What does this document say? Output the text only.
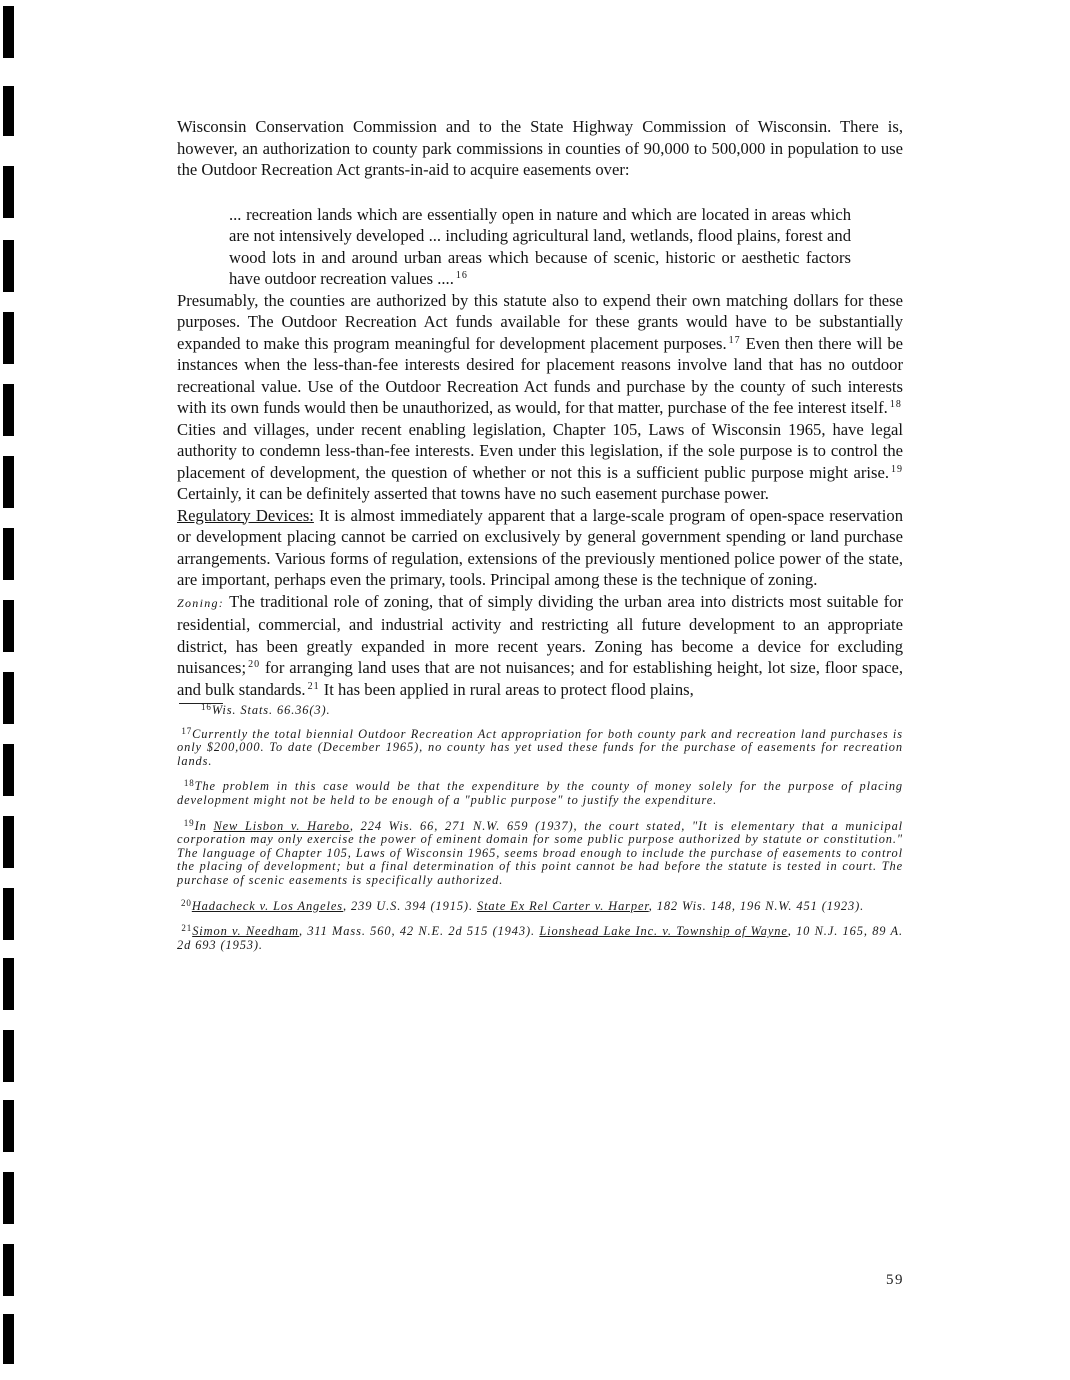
Wisconsin Conservation Commission and to the State Highway Commission of Wisconsin. There is, however, an authorization to county park commissions in counties of 90,000 to 500,000 in population to use the Outdoor Recreation Act grants-in-aid to acquire easements over:

... recreation lands which are essentially open in nature and which are located in areas which are not intensively developed ... including agricultural land, wetlands, flood plains, forest and wood lots in and around urban areas which because of scenic, historic or aesthetic factors have outdoor recreation values .... $^{16}$

Presumably, the counties are authorized by this statute also to expend their own matching dollars for these purposes. The Outdoor Recreation Act funds available for these grants would have to be substantially expanded to make this program meaningful for development placement purposes. $^{17}$ Even then there will be instances when the less-than-fee interests desired for placement reasons involve land that has no outdoor recreational value. Use of the Outdoor Recreation Act funds and purchase by the county of such interests with its own funds would then be unauthorized, as would, for that matter, purchase of the fee interest itself. $^{18}$

Cities and villages, under recent enabling legislation, Chapter 105, Laws of Wisconsin 1965, have legal authority to condemn less-than-fee interests. Even under this legislation, if the sole purpose is to control the placement of development, the question of whether or not this is a sufficient public purpose might arise. $^{19}$ Certainly, it can be definitely asserted that towns have no such easement purchase power.

Regulatory Devices: It is almost immediately apparent that a large-scale program of open-space reservation or development placing cannot be carried on exclusively by general government spending or land purchase arrangements. Various forms of regulation, extensions of the previously mentioned police power of the state, are important, perhaps even the primary, tools. Principal among these is the technique of zoning.

Zoning: The traditional role of zoning, that of simply dividing the urban area into districts most suitable for residential, commercial, and industrial activity and restricting all future development to an appropriate district, has been greatly expanded in more recent years. Zoning has become a device for excluding nuisances; $^{20}$ for arranging land uses that are not nuisances; and for establishing height, lot size, floor space, and bulk standards. $^{21}$ It has been applied in rural areas to protect flood plains,

$^{16}$Wis. Stats. 66.36(3).

$^{17}$Currently the total biennial Outdoor Recreation Act appropriation for both county park and recreation land purchases is only $200,000. To date (December 1965), no county has yet used these funds for the purchase of easements for recreation lands.

$^{18}$The problem in this case would be that the expenditure by the county of money solely for the purpose of placing development might not be held to be enough of a "public purpose" to justify the expenditure.

$^{19}$In New Lisbon v. Harebo, 224 Wis. 66, 271 N.W. 659 (1937), the court stated, "It is elementary that a municipal corporation may only exercise the power of eminent domain for some public purpose authorized by statute or constitution." The language of Chapter 105, Laws of Wisconsin 1965, seems broad enough to include the purchase of easements to control the placing of development; but a final determination of this point cannot be had before the statute is tested in court. The purchase of scenic easements is specifically authorized.

$^{20}$Hadacheck v. Los Angeles, 239 U.S. 394 (1915). State Ex Rel Carter v. Harper, 182 Wis. 148, 196 N.W. 451 (1923).

$^{21}$Simon v. Needham, 311 Mass. 560, 42 N.E. 2d 515 (1943). Lionshead Lake Inc. v. Township of Wayne, 10 N.J. 165, 89 A. 2d 693 (1953).

59
